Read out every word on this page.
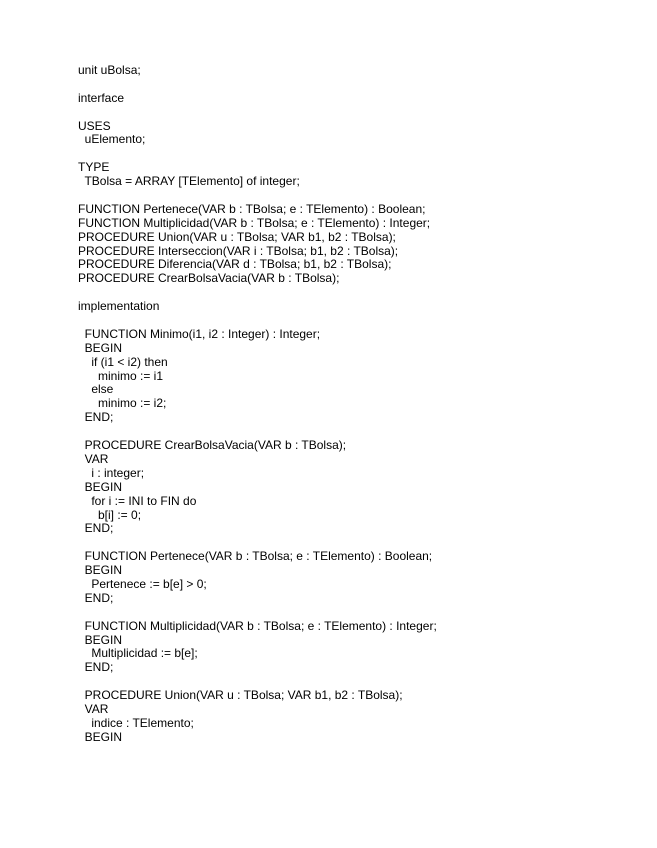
unit uBolsa;
interface
USES
uElemento;
TYPE
TBolsa = ARRAY [TElemento] of integer;
FUNCTION Pertenece(VAR b : TBolsa; e : TElemento) : Boolean;
FUNCTION Multiplicidad(VAR b : TBolsa; e : TElemento) : Integer;
PROCEDURE Union(VAR u : TBolsa; VAR b1, b2 : TBolsa);
PROCEDURE Interseccion(VAR i : TBolsa; b1, b2 : TBolsa);
PROCEDURE Diferencia(VAR d : TBolsa; b1, b2 : TBolsa);
PROCEDURE CrearBolsaVacia(VAR b : TBolsa);
implementation
FUNCTION Minimo(i1, i2 : Integer) : Integer;
BEGIN
if (i1 < i2) then
minimo := i1
else
minimo := i2;
END;
PROCEDURE CrearBolsaVacia(VAR b : TBolsa);
VAR
i : integer;
BEGIN
for i := INI to FIN do
b[i] := 0;
END;
FUNCTION Pertenece(VAR b : TBolsa; e : TElemento) : Boolean;
BEGIN
Pertenece := b[e] > 0;
END;
FUNCTION Multiplicidad(VAR b : TBolsa; e : TElemento) : Integer;
BEGIN
Multiplicidad := b[e];
END;
PROCEDURE Union(VAR u : TBolsa; VAR b1, b2 : TBolsa);
VAR
indice : TElemento;
BEGIN
